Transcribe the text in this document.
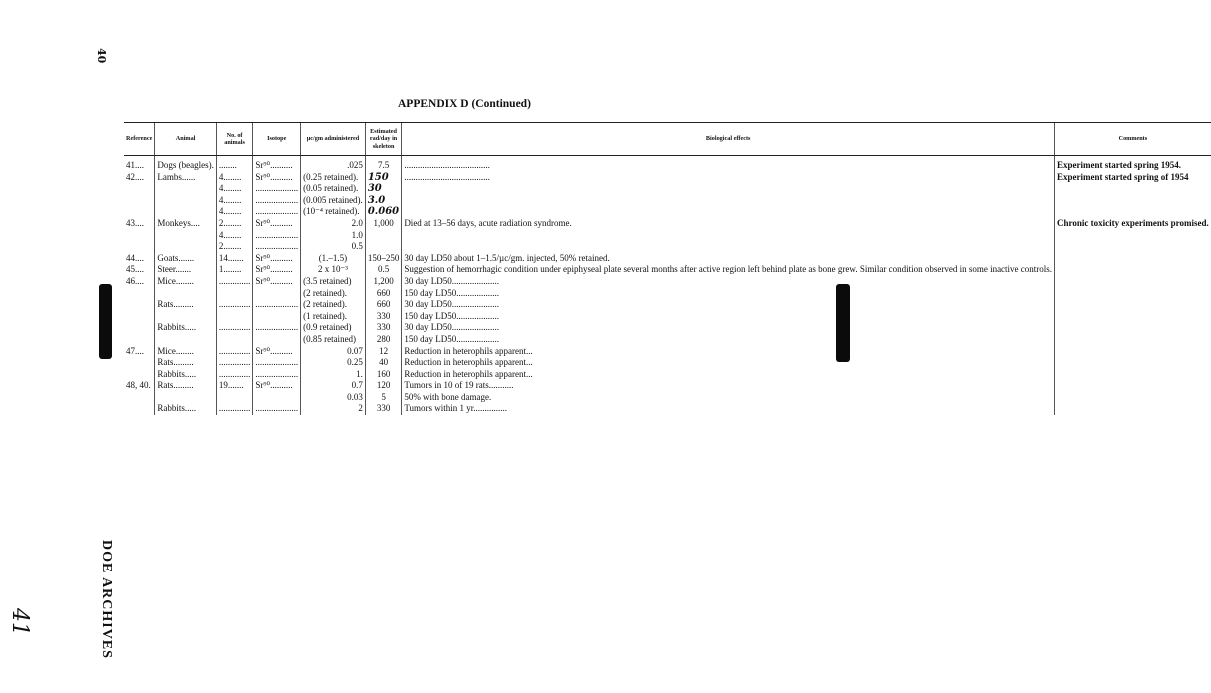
40
APPENDIX D (Continued)
DOE ARCHIVES
41
Reference	Animal	No. of animals	Isotope	µc/gm administered	Estimated rad/day in skeleton	Biological effects	Comments

41....	Dogs (beagles).	........	Sr⁹⁰..........	.025	7.5	......................................	Experiment started spring 1954.
42....	Lambs......	4........	Sr⁹⁰..........	(0.25 retained).	150	......................................	Experiment started spring of 1954
		4........	...................	(0.05 retained).	30		
		4........	...................	(0.005 retained).	3.0		
		4........	...................	(10⁻⁴ retained).	0.060		
43....	Monkeys....	2........	Sr⁹⁰..........	2.0	1,000	Died at 13–56 days, acute radiation syndrome.	Chronic toxicity experiments promised.
		4........	...................	1.0			
		2........	...................	0.5			
44....	Goats.......	14.......	Sr⁹⁰..........	(1.–1.5)	150–250	30 day LD50 about 1–1.5/µc/gm. injected, 50% retained.	
45....	Steer.......	1........	Sr⁹⁰..........	2 x 10⁻³	0.5	Suggestion of hemorrhagic condition under epiphyseal plate several months after active region left behind plate as bone grew. Similar condition observed in some inactive controls.	
46....	Mice........	..............	Sr⁹⁰..........	(3.5 retained)	1,200	30 day LD50.....................	
				(2 retained).	660	150 day LD50...................	
	Rats.........	..............	...................	(2 retained).	660	30 day LD50.....................	
				(1 retained).	330	150 day LD50...................	
	Rabbits.....	..............	...................	(0.9 retained)	330	30 day LD50.....................	
				(0.85 retained)	280	150 day LD50...................	
47....	Mice........	..............	Sr⁹⁰..........	0.07	12	Reduction in heterophils apparent...	
	Rats.........	..............	...................	0.25	40	Reduction in heterophils apparent...	
	Rabbits.....	..............	...................	1.	160	Reduction in heterophils apparent...	
48, 40.	Rats.........	19.......	Sr⁹⁰..........	0.7	120	Tumors in 10 of 19 rats...........	
				0.03	5	50% with bone damage.	
	Rabbits.....	..............	...................	2	330	Tumors within 1 yr...............	
